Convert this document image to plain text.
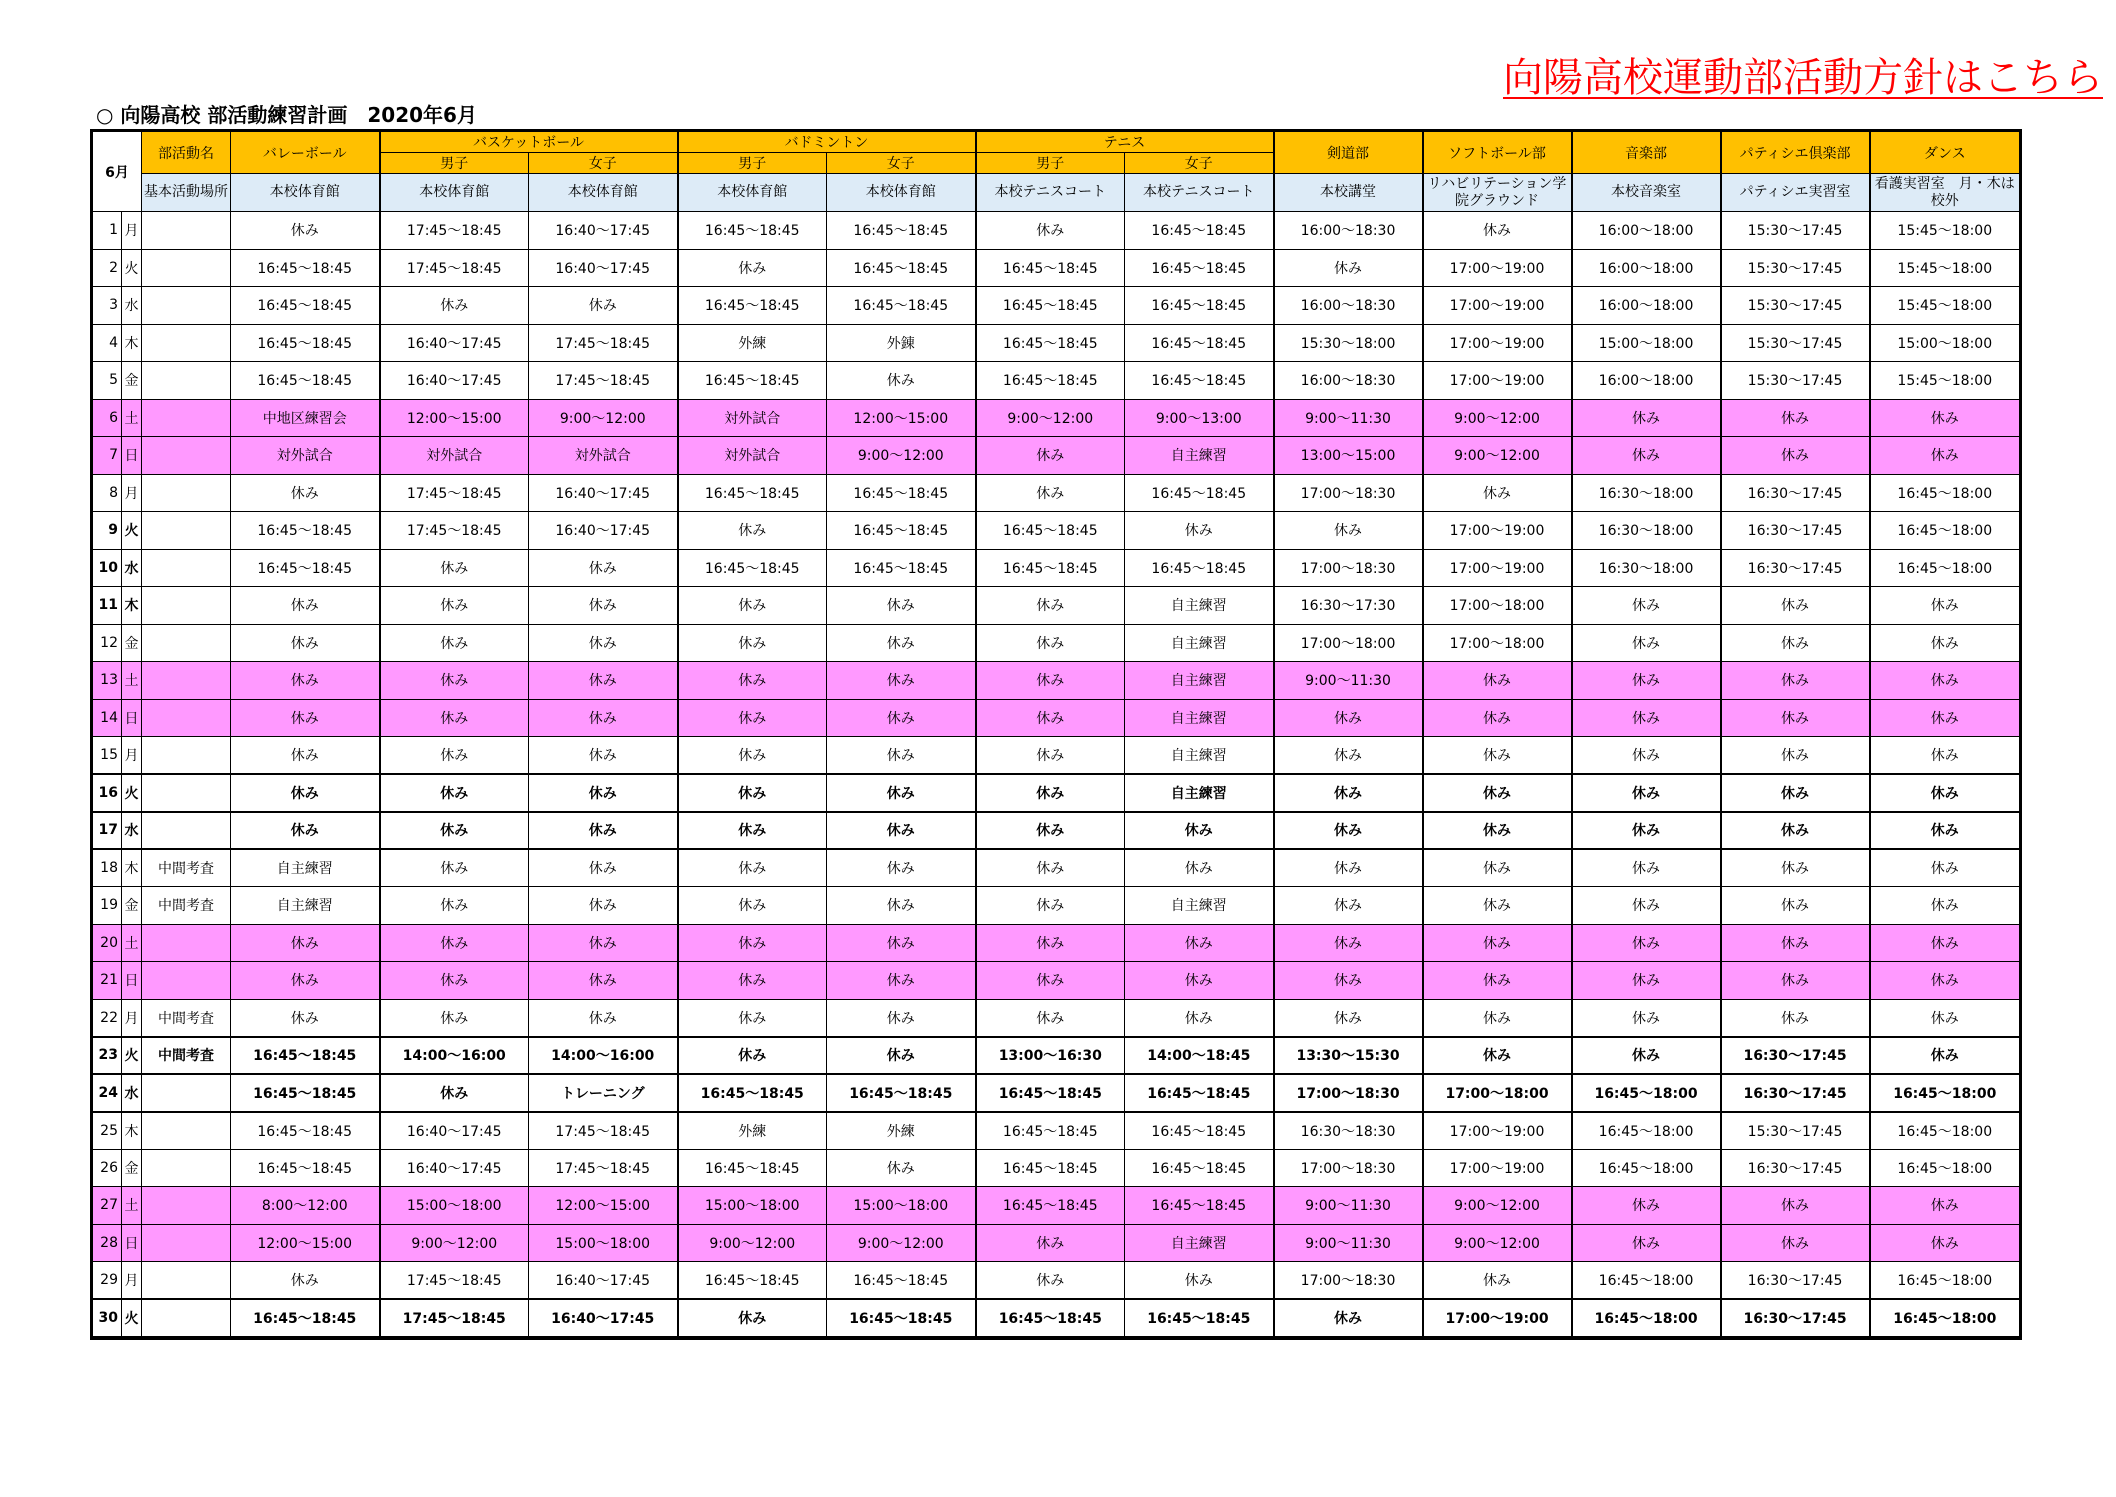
向陽高校運動部活動方針はこちら
○ 向陽高校 部活動練習計画　2020年6月
6月		部活動名	バレーボール	バスケットボール		バドミントン		テニス		剣道部	ソフトボール部	音楽部	パティシエ倶楽部	ダンス
				男子	女子	男子	女子	男子	女子					
		基本活動場所	本校体育館	本校体育館	本校体育館	本校体育館	本校体育館	本校テニスコート	本校テニスコート	本校講堂	リハビリテーション学院グラウンド	本校音楽室	パティシエ実習室	看護実習室　月・木は校外
1	月		休み	17:45～18:45	16:40～17:45	16:45～18:45	16:45～18:45	休み	16:45～18:45	16:00～18:30	休み	16:00～18:00	15:30～17:45	15:45～18:00
2	火		16:45～18:45	17:45～18:45	16:40～17:45	休み	16:45～18:45	16:45～18:45	16:45～18:45	休み	17:00～19:00	16:00～18:00	15:30～17:45	15:45～18:00
3	水		16:45～18:45	休み	休み	16:45～18:45	16:45～18:45	16:45～18:45	16:45～18:45	16:00～18:30	17:00～19:00	16:00～18:00	15:30～17:45	15:45～18:00
4	木		16:45～18:45	16:40～17:45	17:45～18:45	外練	外錬	16:45～18:45	16:45～18:45	15:30～18:00	17:00～19:00	15:00～18:00	15:30～17:45	15:00～18:00
5	金		16:45～18:45	16:40～17:45	17:45～18:45	16:45～18:45	休み	16:45～18:45	16:45～18:45	16:00～18:30	17:00～19:00	16:00～18:00	15:30～17:45	15:45～18:00
6	土		中地区練習会	12:00～15:00	9:00～12:00	対外試合	12:00～15:00	9:00～12:00	9:00～13:00	9:00～11:30	9:00～12:00	休み	休み	休み
7	日		対外試合	対外試合	対外試合	対外試合	9:00～12:00	休み	自主練習	13:00～15:00	9:00～12:00	休み	休み	休み
8	月		休み	17:45～18:45	16:40～17:45	16:45～18:45	16:45～18:45	休み	16:45～18:45	17:00～18:30	休み	16:30～18:00	16:30～17:45	16:45～18:00
9	火		16:45～18:45	17:45～18:45	16:40～17:45	休み	16:45～18:45	16:45～18:45	休み	休み	17:00～19:00	16:30～18:00	16:30～17:45	16:45～18:00
10	水		16:45～18:45	休み	休み	16:45～18:45	16:45～18:45	16:45～18:45	16:45～18:45	17:00～18:30	17:00～19:00	16:30～18:00	16:30～17:45	16:45～18:00
11	木		休み	休み	休み	休み	休み	休み	自主練習	16:30～17:30	17:00～18:00	休み	休み	休み
12	金		休み	休み	休み	休み	休み	休み	自主練習	17:00～18:00	17:00～18:00	休み	休み	休み
13	土		休み	休み	休み	休み	休み	休み	自主練習	9:00～11:30	休み	休み	休み	休み
14	日		休み	休み	休み	休み	休み	休み	自主練習	休み	休み	休み	休み	休み
15	月		休み	休み	休み	休み	休み	休み	自主練習	休み	休み	休み	休み	休み
16	火		休み	休み	休み	休み	休み	休み	自主練習	休み	休み	休み	休み	休み
17	水		休み	休み	休み	休み	休み	休み	休み	休み	休み	休み	休み	休み
18	木	中間考査	自主練習	休み	休み	休み	休み	休み	休み	休み	休み	休み	休み	休み
19	金	中間考査	自主練習	休み	休み	休み	休み	休み	自主練習	休み	休み	休み	休み	休み
20	土		休み	休み	休み	休み	休み	休み	休み	休み	休み	休み	休み	休み
21	日		休み	休み	休み	休み	休み	休み	休み	休み	休み	休み	休み	休み
22	月	中間考査	休み	休み	休み	休み	休み	休み	休み	休み	休み	休み	休み	休み
23	火	中間考査	16:45～18:45	14:00～16:00	14:00～16:00	休み	休み	13:00～16:30	14:00～18:45	13:30～15:30	休み	休み	16:30～17:45	休み
24	水		16:45～18:45	休み	トレーニング	16:45～18:45	16:45～18:45	16:45～18:45	16:45～18:45	17:00～18:30	17:00～18:00	16:45～18:00	16:30～17:45	16:45～18:00
25	木		16:45～18:45	16:40～17:45	17:45～18:45	外練	外練	16:45～18:45	16:45～18:45	16:30～18:30	17:00～19:00	16:45～18:00	15:30～17:45	16:45～18:00
26	金		16:45～18:45	16:40～17:45	17:45～18:45	16:45～18:45	休み	16:45～18:45	16:45～18:45	17:00～18:30	17:00～19:00	16:45～18:00	16:30～17:45	16:45～18:00
27	土		8:00～12:00	15:00～18:00	12:00～15:00	15:00～18:00	15:00～18:00	16:45～18:45	16:45～18:45	9:00～11:30	9:00～12:00	休み	休み	休み
28	日		12:00～15:00	9:00～12:00	15:00～18:00	9:00～12:00	9:00～12:00	休み	自主練習	9:00～11:30	9:00～12:00	休み	休み	休み
29	月		休み	17:45～18:45	16:40～17:45	16:45～18:45	16:45～18:45	休み	休み	17:00～18:30	休み	16:45～18:00	16:30～17:45	16:45～18:00
30	火		16:45～18:45	17:45～18:45	16:40～17:45	休み	16:45～18:45	16:45～18:45	16:45～18:45	休み	17:00～19:00	16:45～18:00	16:30～17:45	16:45～18:00
